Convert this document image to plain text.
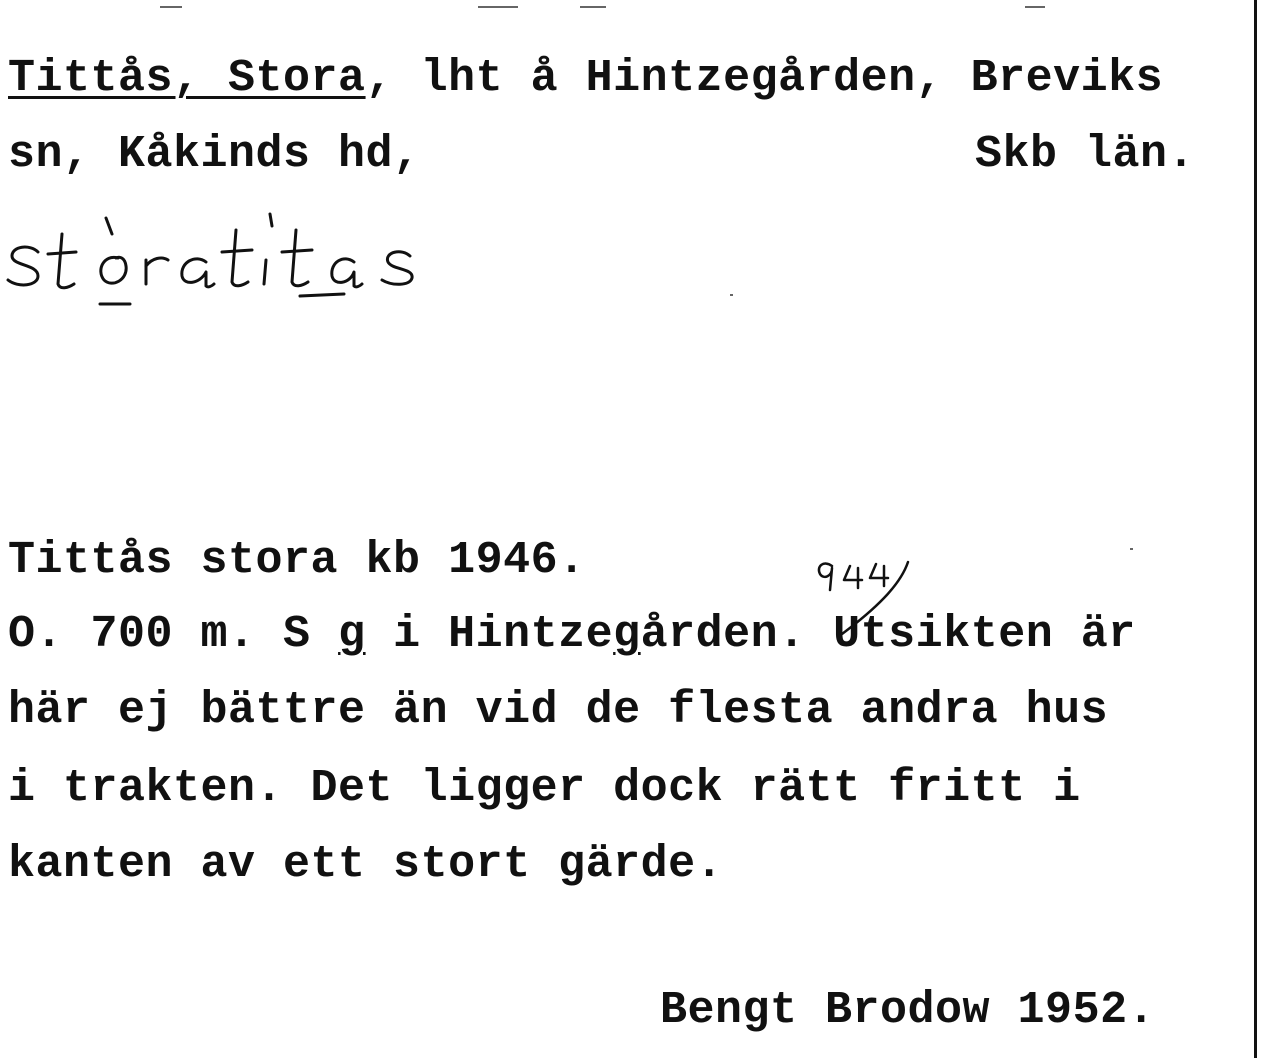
Tittås, Stora, lht å Hintzegården, Breviks

sn, Kåkinds hd,	Skb län.

Tittås stora kb 1946.

O. 700 m. S g i Hintzegården. Utsikten är

här ej bättre än vid de flesta andra hus

i trakten. Det ligger dock rätt fritt i

kanten av ett stort gärde.

Bengt Brodow 1952.
